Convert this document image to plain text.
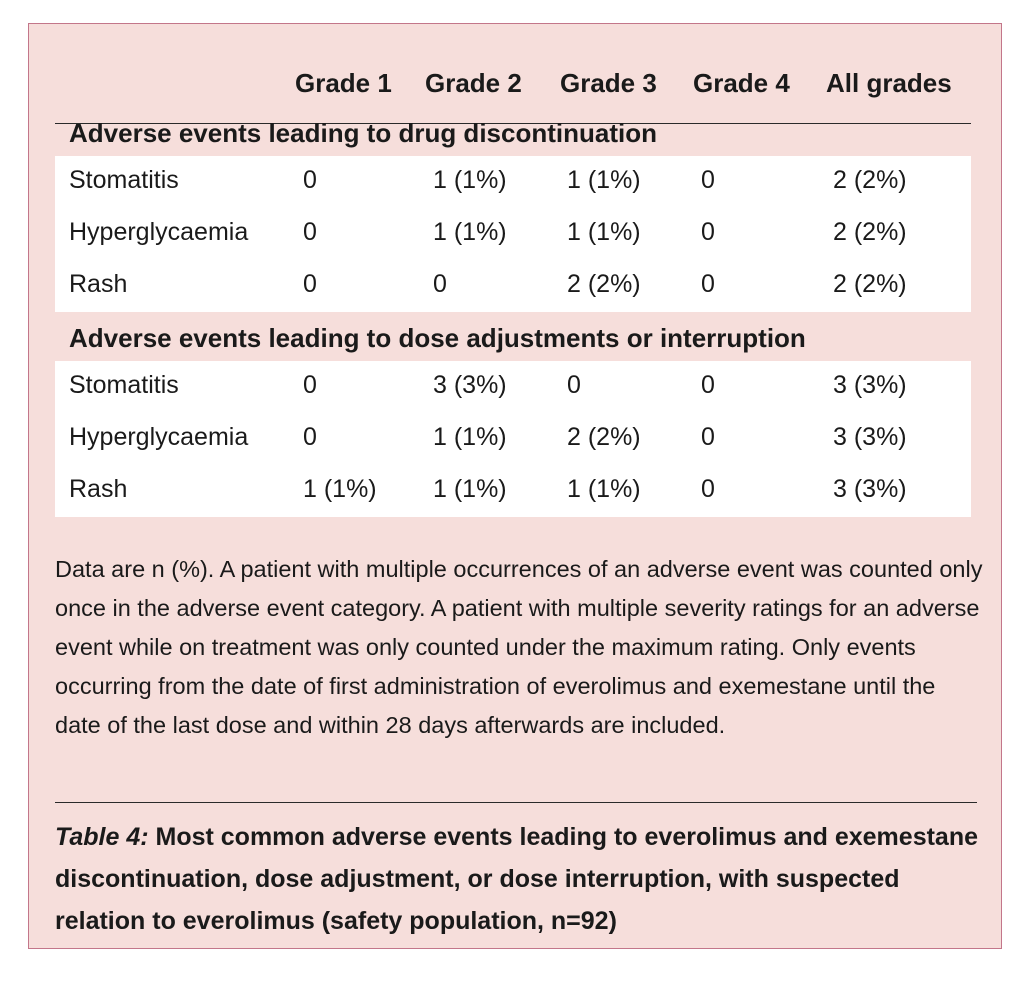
Grade 1 Grade 2 Grade 3 Grade 4 All grades
Adverse events leading to drug discontinuation
Stomatitis	0	1 (1%) 1 (1%) 0	2 (2%)
Hyperglycaemia 0	1 (1%) 1 (1%) 0	2 (2%)
Rash	0	0	2 (2%) 0	2 (2%)
Adverse events leading to dose adjustments or interruption
Stomatitis	0	3 (3%) 0	0	3 (3%)
Hyperglycaemia 0	1 (1%) 2 (2%) 0	3 (3%)
Rash	1 (1%) 1 (1%) 1 (1%) 0	3 (3%)
Data are n (%). A patient with multiple occurrences of an adverse event was counted only once in the adverse event category. A patient with multiple severity ratings for an adverse event while on treatment was only counted under the maximum rating. Only events occurring from the date of first administration of everolimus and exemestane until the date of the last dose and within 28 days afterwards are included.
Table 4: Most common adverse events leading to everolimus and exemestane discontinuation, dose adjustment, or dose interruption, with suspected relation to everolimus (safety population, n=92)
